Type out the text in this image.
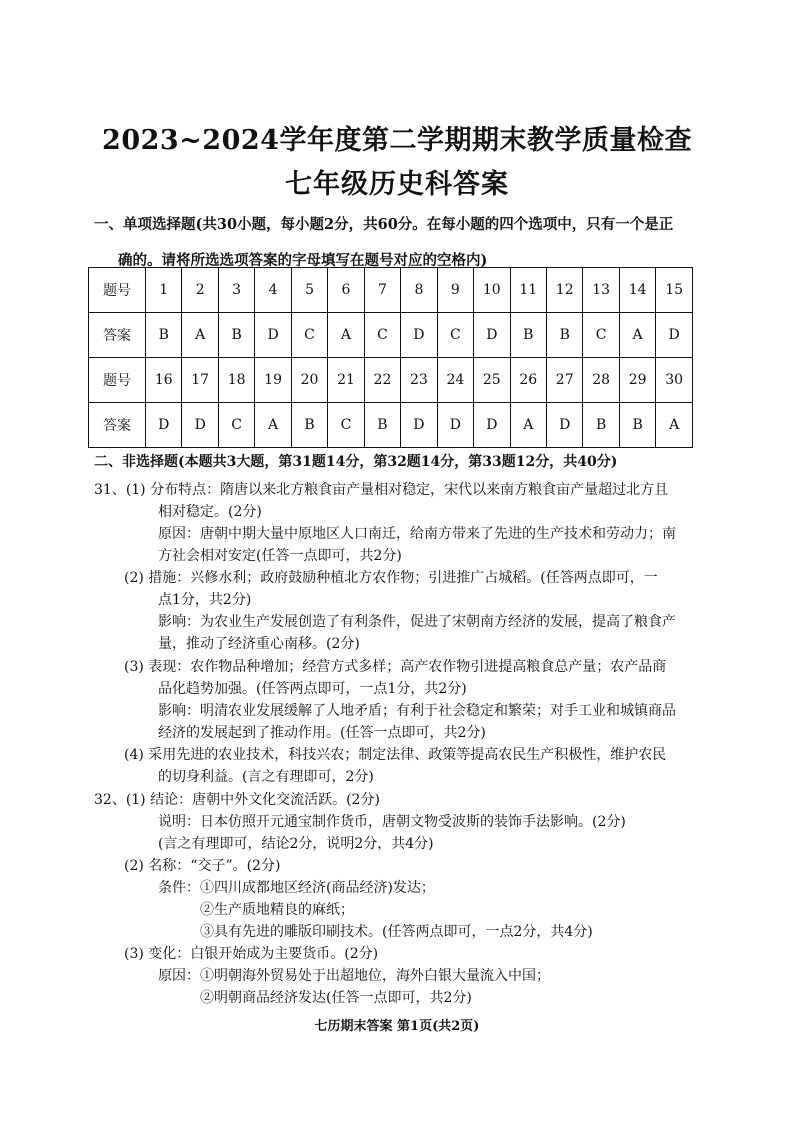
2023~2024学年度第二学期期末教学质量检查
七年级历史科答案
一、单项选择题(共30小题，每小题2分，共60分。在每小题的四个选项中，只有一个是正
确的。请将所选选项答案的字母填写在题号对应的空格内)
题号	1	2	3	4	5	6	7	8	9	10	11	12	13	14	15
答案	B	A	B	D	C	A	C	D	C	D	B	B	C	A	D
题号	16	17	18	19	20	21	22	23	24	25	26	27	28	29	30
答案	D	D	C	A	B	C	B	D	D	D	A	D	B	B	A
二、非选择题(本题共3大题，第31题14分，第32题14分，第33题12分，共40分)
31、(1) 分布特点：隋唐以来北方粮食亩产量相对稳定，宋代以来南方粮食亩产量超过北方且
相对稳定。(2分)
原因：唐朝中期大量中原地区人口南迁，给南方带来了先进的生产技术和劳动力；南
方社会相对安定(任答一点即可，共2分)
(2) 措施：兴修水利；政府鼓励种植北方农作物；引进推广占城稻。(任答两点即可，一
点1分，共2分)
影响：为农业生产发展创造了有利条件，促进了宋朝南方经济的发展，提高了粮食产
量，推动了经济重心南移。(2分)
(3) 表现：农作物品种增加；经营方式多样；高产农作物引进提高粮食总产量；农产品商
品化趋势加强。(任答两点即可，一点1分，共2分)
影响：明清农业发展缓解了人地矛盾；有利于社会稳定和繁荣；对手工业和城镇商品
经济的发展起到了推动作用。(任答一点即可，共2分)
(4) 采用先进的农业技术，科技兴农；制定法律、政策等提高农民生产积极性，维护农民
的切身利益。(言之有理即可，2分)
32、(1) 结论：唐朝中外文化交流活跃。(2分)
说明：日本仿照开元通宝制作货币，唐朝文物受波斯的装饰手法影响。(2分)
(言之有理即可，结论2分，说明2分，共4分)
(2) 名称：“交子”。(2分)
条件：①四川成都地区经济(商品经济)发达；
②生产质地精良的麻纸；
③具有先进的雕版印刷技术。(任答两点即可，一点2分，共4分)
(3) 变化：白银开始成为主要货币。(2分)
原因：①明朝海外贸易处于出超地位，海外白银大量流入中国；
②明朝商品经济发达(任答一点即可，共2分)
七历期末答案 第1页(共2页)
